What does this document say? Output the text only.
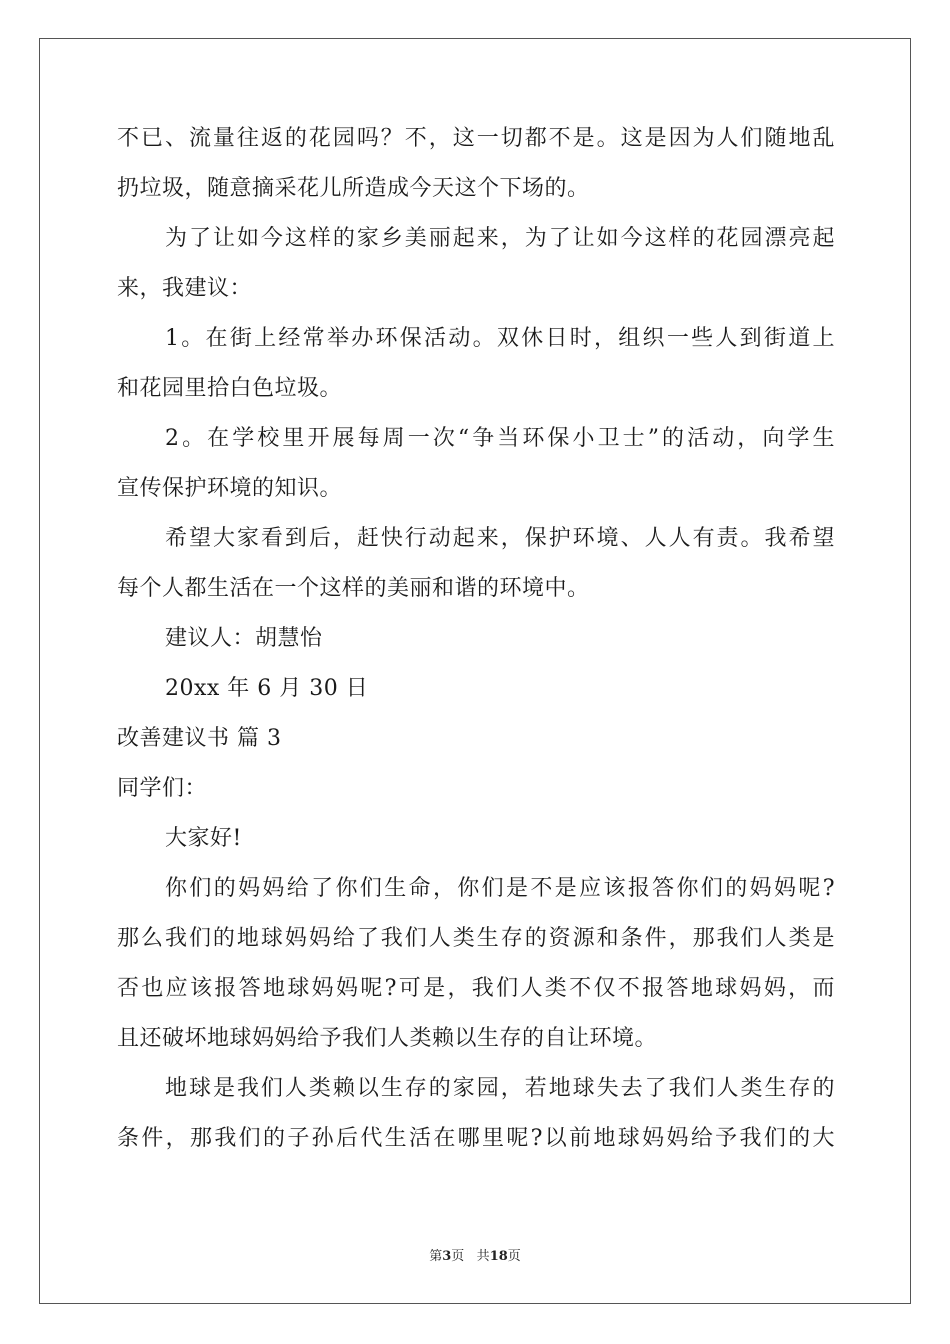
不已、流量往返的花园吗？不，这一切都不是。这是因为人们随地乱
扔垃圾，随意摘采花儿所造成今天这个下场的。
为了让如今这样的家乡美丽起来，为了让如今这样的花园漂亮起
来，我建议：
1。在街上经常举办环保活动。双休日时，组织一些人到街道上
和花园里拾白色垃圾。
2。在学校里开展每周一次“争当环保小卫士”的活动，向学生
宣传保护环境的知识。
希望大家看到后，赶快行动起来，保护环境、人人有责。我希望
每个人都生活在一个这样的美丽和谐的环境中。
建议人：胡慧怡
20xx 年 6 月 30 日
改善建议书 篇 3
同学们：
大家好!
你们的妈妈给了你们生命，你们是不是应该报答你们的妈妈呢?
那么我们的地球妈妈给了我们人类生存的资源和条件，那我们人类是
否也应该报答地球妈妈呢?可是，我们人类不仅不报答地球妈妈，而
且还破坏地球妈妈给予我们人类赖以生存的自让环境。
地球是我们人类赖以生存的家园，若地球失去了我们人类生存的
条件，那我们的子孙后代生活在哪里呢?以前地球妈妈给予我们的大
第3页 共18页
